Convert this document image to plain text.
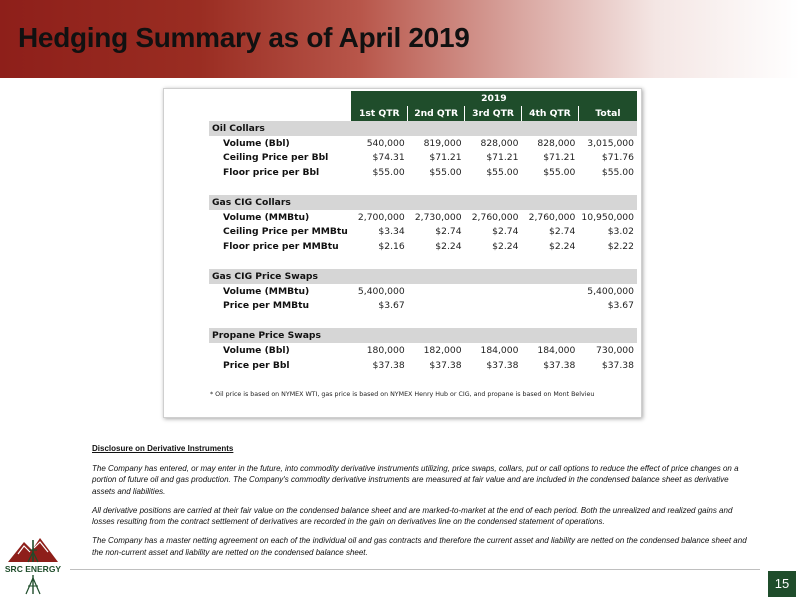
Hedging Summary as of April 2019
	2019				
	1st QTR	2nd QTR	3rd QTR	4th QTR	Total
Oil Collars					
Volume (Bbl)	540,000	819,000	828,000	828,000	3,015,000
Ceiling Price per Bbl	$74.31	$71.21	$71.21	$71.21	$71.76
Floor price per Bbl	$55.00	$55.00	$55.00	$55.00	$55.00

Gas CIG Collars					
Volume (MMBtu)	2,700,000	2,730,000	2,760,000	2,760,000	10,950,000
Ceiling Price per MMBtu	$3.34	$2.74	$2.74	$2.74	$3.02
Floor price per MMBtu	$2.16	$2.24	$2.24	$2.24	$2.22

Gas CIG Price Swaps					
Volume (MMBtu)	5,400,000				5,400,000
Price per MMBtu	$3.67				$3.67

Propane Price Swaps					
Volume (Bbl)	180,000	182,000	184,000	184,000	730,000
Price per Bbl	$37.38	$37.38	$37.38	$37.38	$37.38
* Oil price is based on NYMEX WTI, gas price is based on NYMEX Henry Hub or CIG, and propane is based on Mont Belvieu
Disclosure on Derivative Instruments
The Company has entered, or may enter in the future, into commodity derivative instruments utilizing, price swaps, collars, put or call options to reduce the effect of price changes on a portion of future oil and gas production. The Company's commodity derivative instruments are measured at fair value and are included in the condensed balance sheet as derivative assets and liabilities.
All derivative positions are carried at their fair value on the condensed balance sheet and are marked-to-market at the end of each period. Both the unrealized and realized gains and losses resulting from the contract settlement of derivatives are recorded in the gain on derivatives line on the condensed statement of operations.
The Company has a master netting agreement on each of the individual oil and gas contracts and therefore the current asset and liability are netted on the condensed balance sheet and the non-current asset and liability are netted on the condensed balance sheet.
SRC ENERGY
15
